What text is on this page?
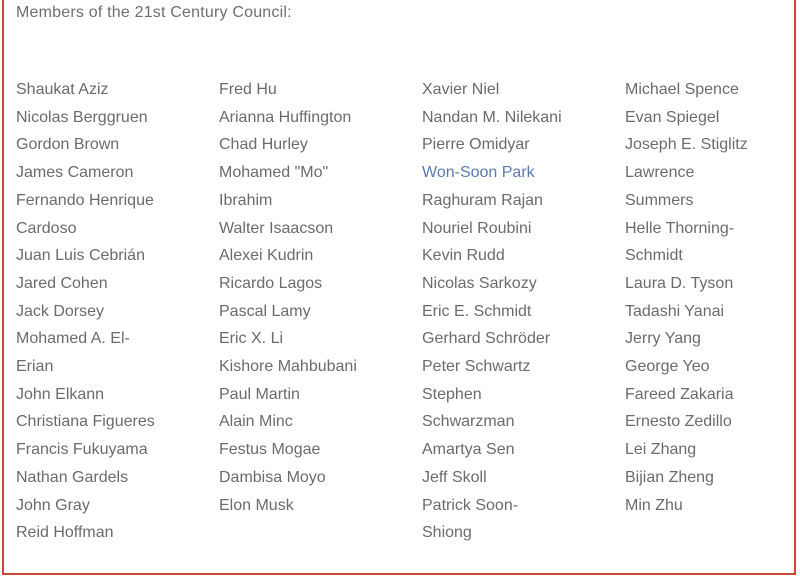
Members of the 21st Century Council:
Shaukat Aziz
Nicolas Berggruen
Gordon Brown
James Cameron
Fernando Henrique
Cardoso
Juan Luis Cebrián
Jared Cohen
Jack Dorsey
Mohamed A. El-
Erian
John Elkann
Christiana Figueres
Francis Fukuyama
Nathan Gardels
John Gray
Reid Hoffman
Fred Hu
Arianna Huffington
Chad Hurley
Mohamed "Mo"
Ibrahim
Walter Isaacson
Alexei Kudrin
Ricardo Lagos
Pascal Lamy
Eric X. Li
Kishore Mahbubani
Paul Martin
Alain Minc
Festus Mogae
Dambisa Moyo
Elon Musk
Xavier Niel
Nandan M. Nilekani
Pierre Omidyar
Won-Soon Park
Raghuram Rajan
Nouriel Roubini
Kevin Rudd
Nicolas Sarkozy
Eric E. Schmidt
Gerhard Schröder
Peter Schwartz
Stephen
Schwarzman
Amartya Sen
Jeff Skoll
Patrick Soon-
Shiong
Michael Spence
Evan Spiegel
Joseph E. Stiglitz
Lawrence
Summers
Helle Thorning-
Schmidt
Laura D. Tyson
Tadashi Yanai
Jerry Yang
George Yeo
Fareed Zakaria
Ernesto Zedillo
Lei Zhang
Bijian Zheng
Min Zhu
